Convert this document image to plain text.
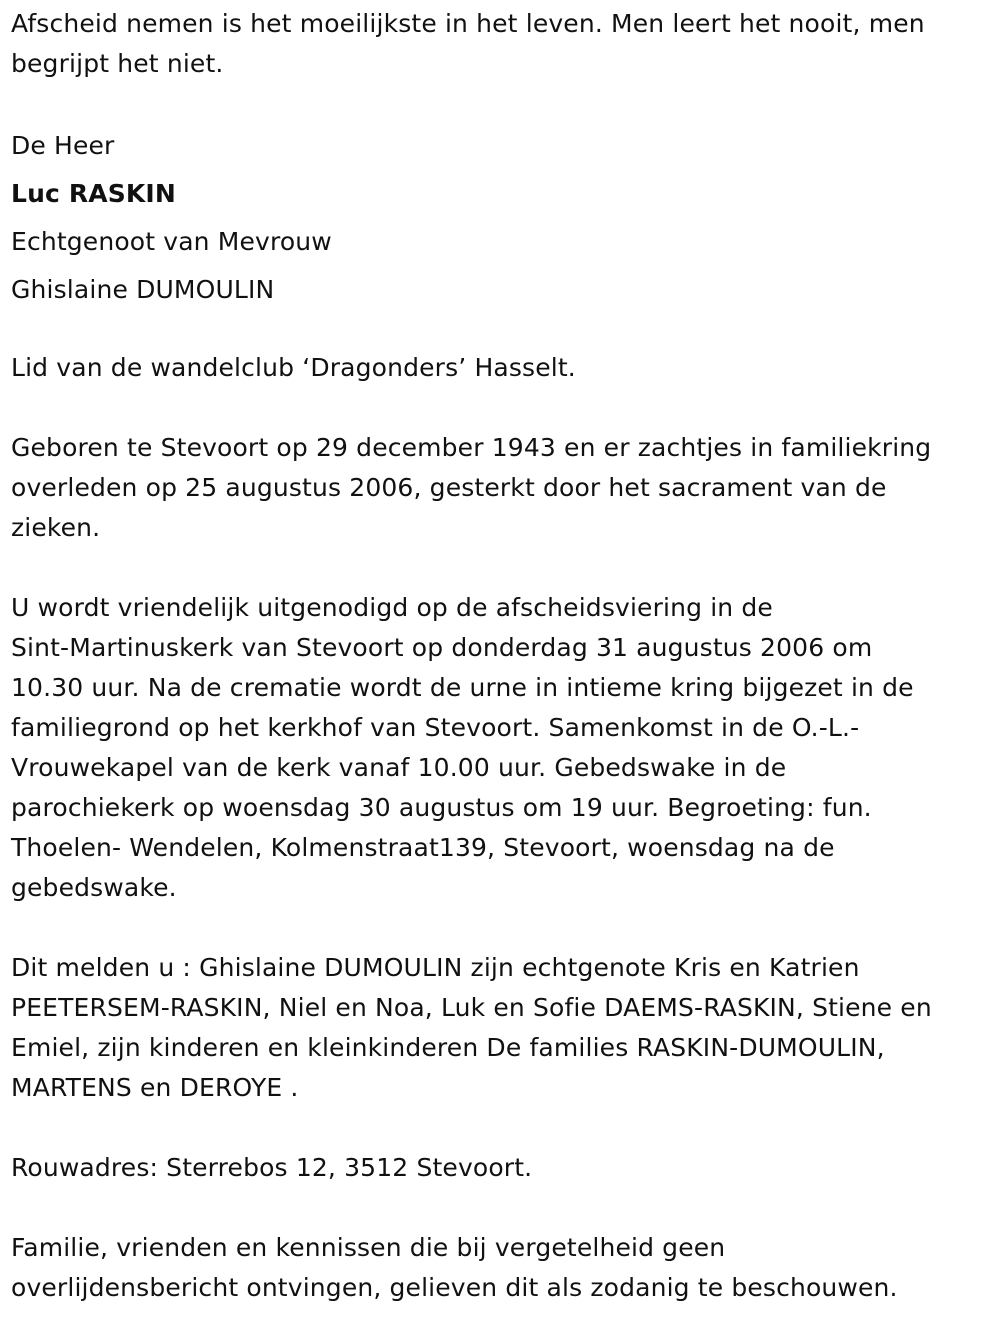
Afscheid nemen is het moeilijkste in het leven. Men leert het nooit, men

begrijpt het niet.

De Heer

Luc RASKIN

Echtgenoot van Mevrouw

Ghislaine DUMOULIN

Lid van de wandelclub ‘Dragonders’ Hasselt.

Geboren te Stevoort op 29 december 1943 en er zachtjes in familiekring

overleden op 25 augustus 2006, gesterkt door het sacrament van de

zieken.

U wordt vriendelijk uitgenodigd op de afscheidsviering in de

Sint-Martinuskerk van Stevoort op donderdag 31 augustus 2006 om

10.30 uur. Na de crematie wordt de urne in intieme kring bijgezet in de

familiegrond op het kerkhof van Stevoort. Samenkomst in de O.-L.-

Vrouwekapel van de kerk vanaf 10.00 uur. Gebedswake in de

parochiekerk op woensdag 30 augustus om 19 uur. Begroeting: fun.

Thoelen- Wendelen, Kolmenstraat139, Stevoort, woensdag na de

gebedswake.

Dit melden u : Ghislaine DUMOULIN zijn echtgenote Kris en Katrien

PEETERSEM-RASKIN, Niel en Noa, Luk en Sofie DAEMS-RASKIN, Stiene en

Emiel, zijn kinderen en kleinkinderen De families RASKIN-DUMOULIN,

MARTENS en DEROYE .

Rouwadres: Sterrebos 12, 3512 Stevoort.

Familie, vrienden en kennissen die bij vergetelheid geen

overlijdensbericht ontvingen, gelieven dit als zodanig te beschouwen.
